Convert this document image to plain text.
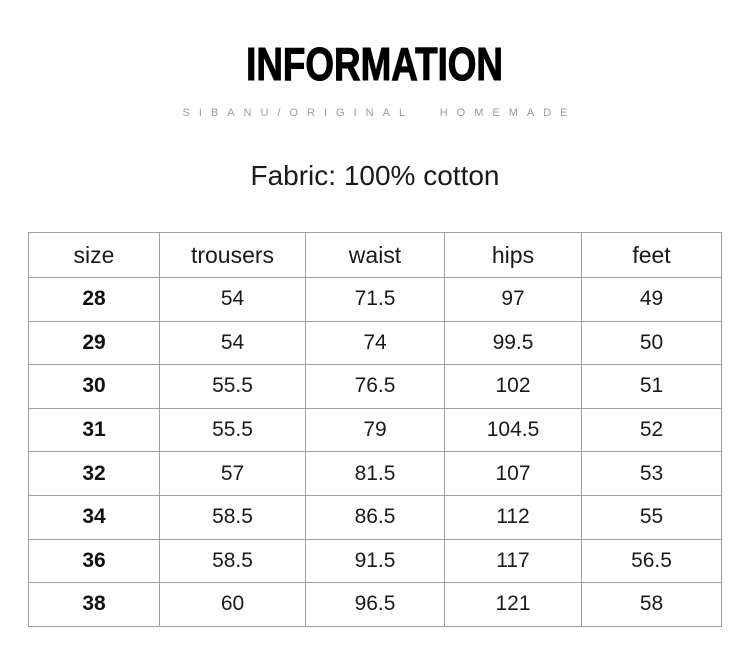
INFORMATION
SIBANU/ORIGINAL HOMEMADE
Fabric: 100% cotton
size	trousers	waist	hips	feet
28	54	71.5	97	49
29	54	74	99.5	50
30	55.5	76.5	102	51
31	55.5	79	104.5	52
32	57	81.5	107	53
34	58.5	86.5	112	55
36	58.5	91.5	117	56.5
38	60	96.5	121	58
